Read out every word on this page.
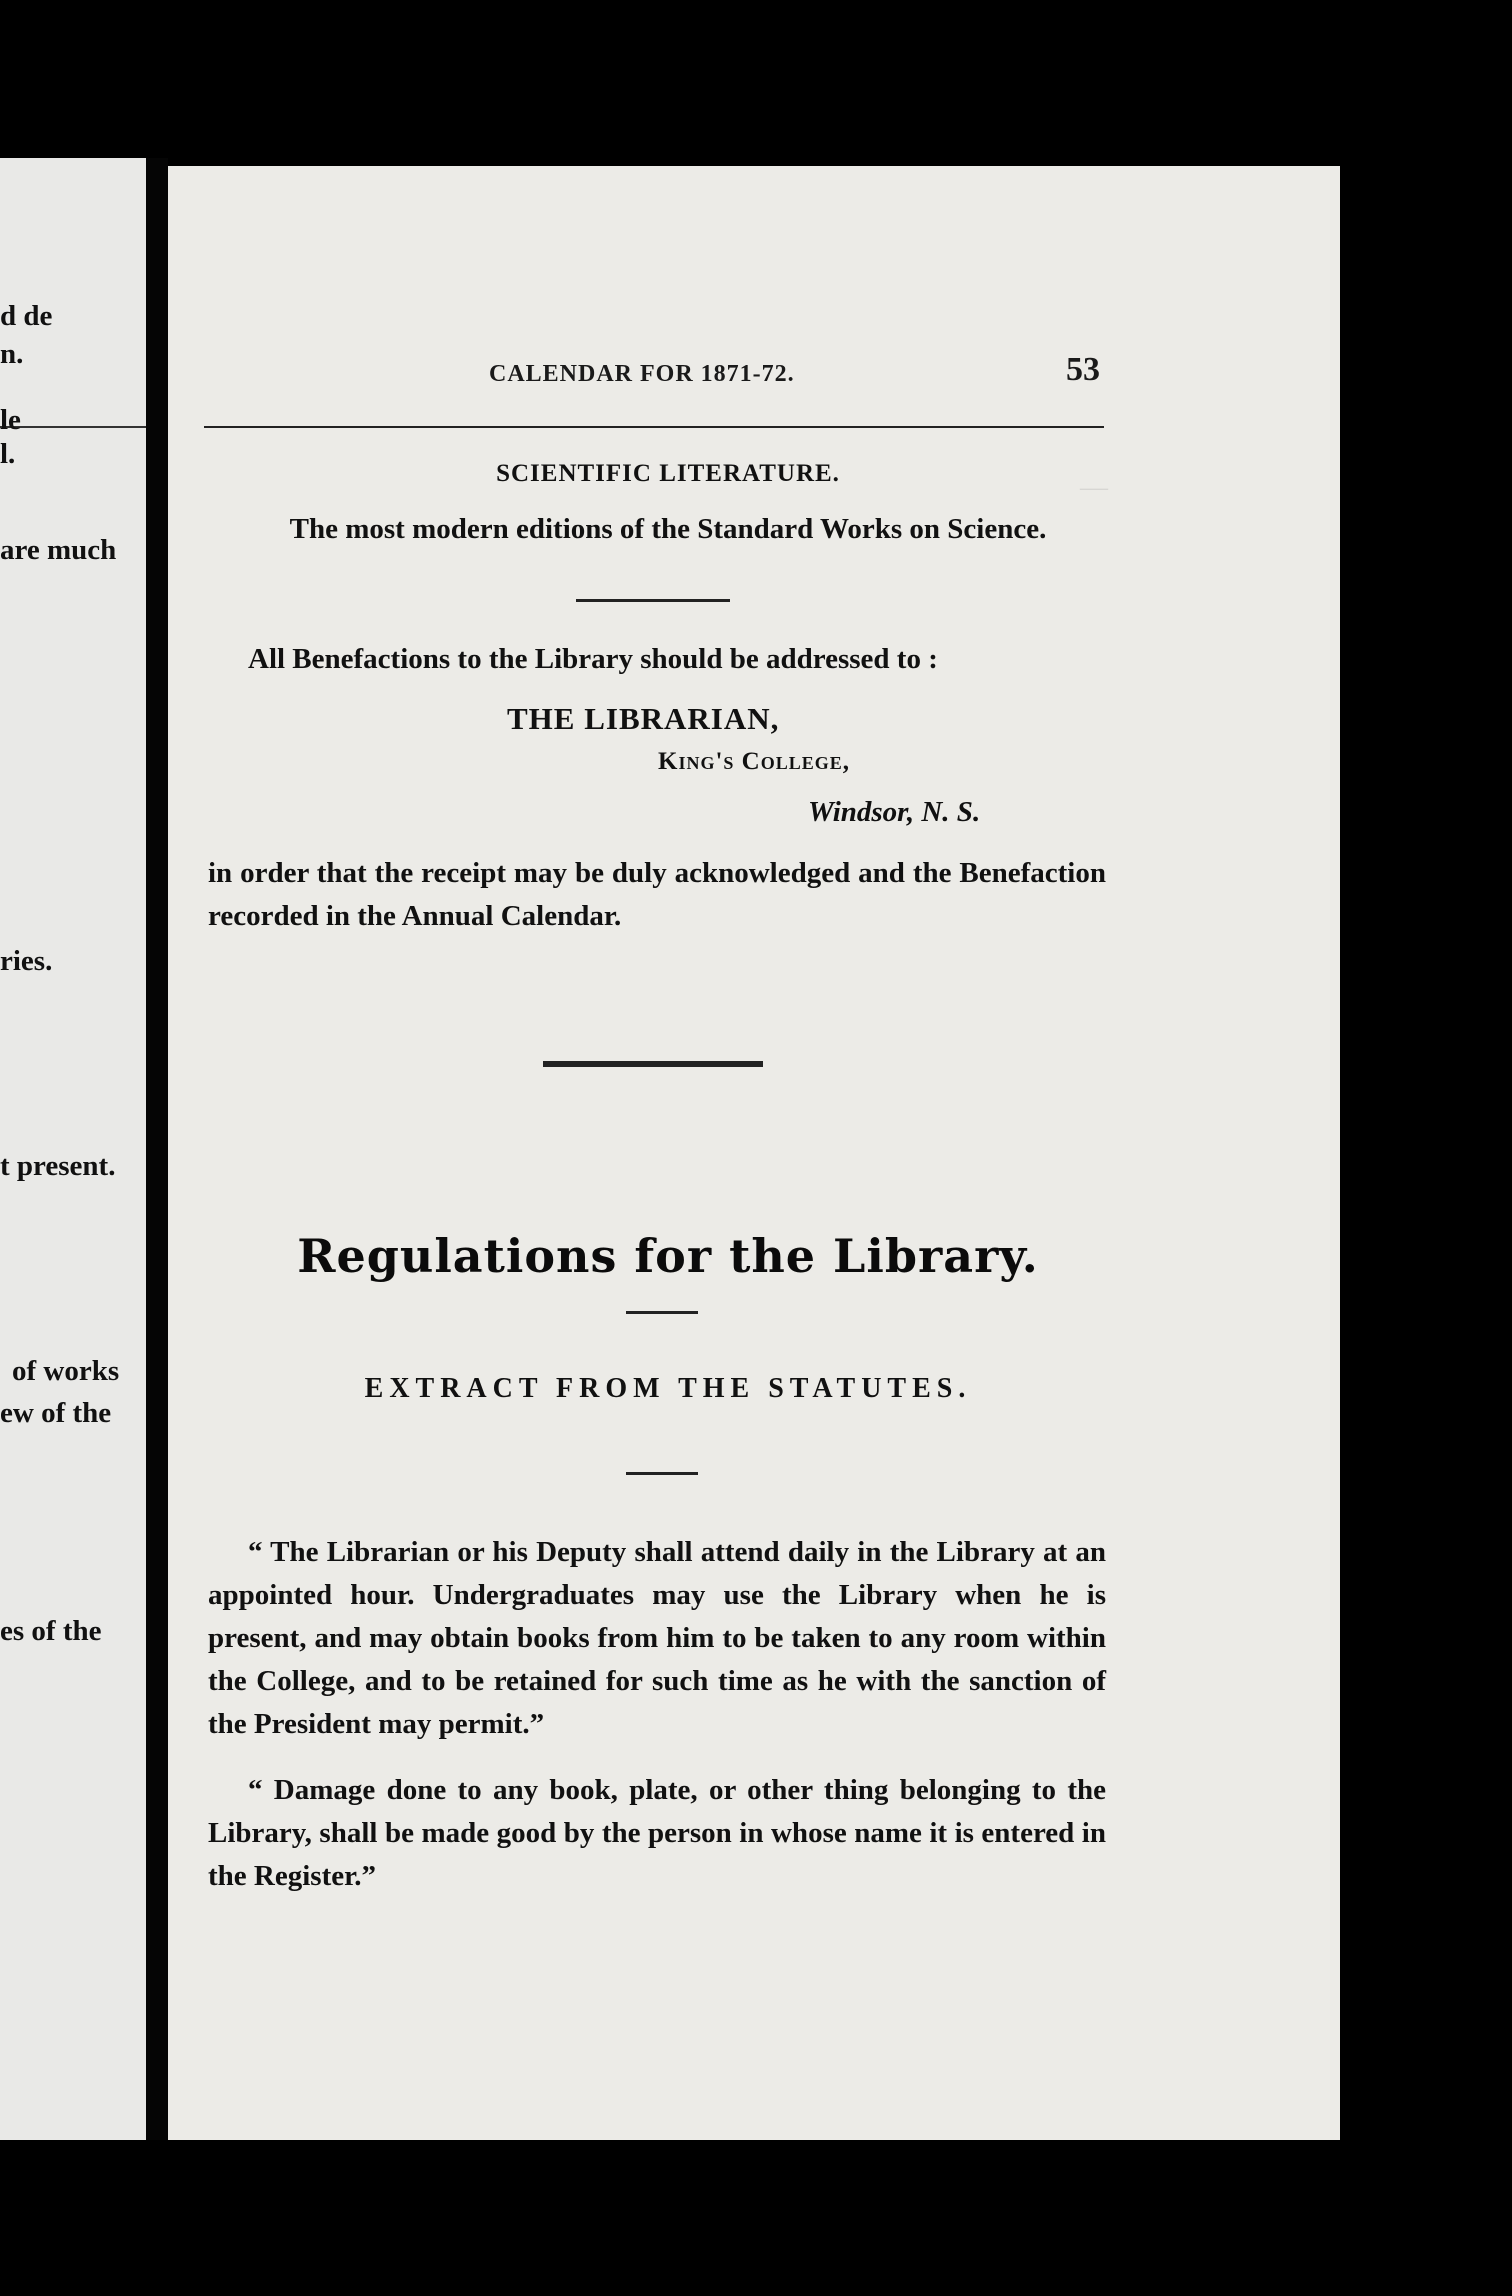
d de
n.
le
l.
are much
ries.
t present.
of works
ew of the
es of the
—
CALENDAR FOR 1871-72.	53
SCIENTIFIC LITERATURE.
The most modern editions of the Standard Works on Science.
All Benefactions to the Library should be addressed to :
THE LIBRARIAN,
King's College,
Windsor, N. S.
in order that the receipt may be duly acknowledged and the Benefaction recorded in the Annual Calendar.
Regulations for the Library.
EXTRACT FROM THE STATUTES.
“ The Librarian or his Deputy shall attend daily in the Library at an appointed hour. Undergraduates may use the Library when he is present, and may obtain books from him to be taken to any room within the College, and to be retained for such time as he with the sanction of the President may permit.”
“ Damage done to any book, plate, or other thing belonging to the Library, shall be made good by the person in whose name it is entered in the Register.”
